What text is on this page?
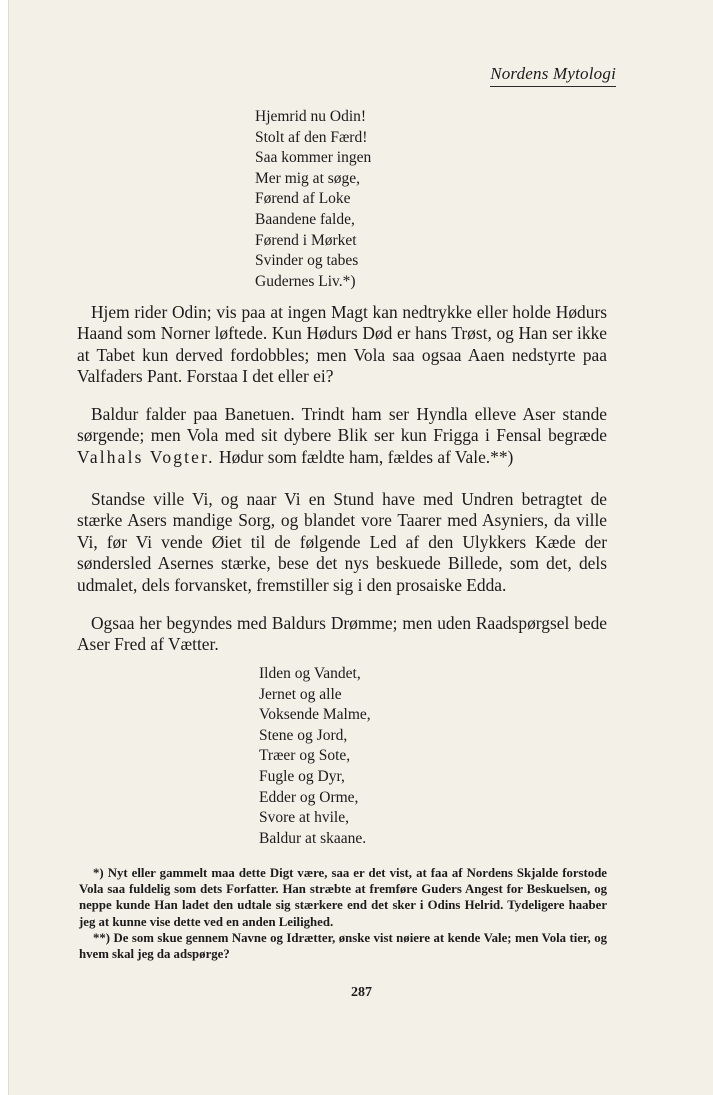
Nordens Mytologi
Hjemrid nu Odin!
Stolt af den Færd!
Saa kommer ingen
Mer mig at søge,
Førend af Loke
Baandene falde,
Førend i Mørket
Svinder og tabes
Gudernes Liv.*)

Hjem rider Odin; vis paa at ingen Magt kan nedtrykke eller holde Hødurs Haand som Norner løftede. Kun Hødurs Død er hans Trøst, og Han ser ikke at Tabet kun derved fordobbles; men Vola saa ogsaa Aaen nedstyrte paa Valfaders Pant. Forstaa I det eller ei?

Baldur falder paa Banetuen. Trindt ham ser Hyndla elleve Aser stande sørgende; men Vola med sit dybere Blik ser kun Frigga i Fensal begræde Valhals Vogter. Hødur som fældte ham, fældes af Vale.**)

Standse ville Vi, og naar Vi en Stund have med Undren betragtet de stærke Asers mandige Sorg, og blandet vore Taarer med Asyniers, da ville Vi, før Vi vende Øiet til de følgende Led af den Ulykkers Kæde der søndersled Asernes stærke, bese det nys beskuede Billede, som det, dels udmalet, dels forvansket, fremstiller sig i den prosaiske Edda.

Ogsaa her begyndes med Baldurs Drømme; men uden Raadspørgsel bede Aser Fred af Vætter.

Ilden og Vandet,
Jernet og alle
Voksende Malme,
Stene og Jord,
Træer og Sote,
Fugle og Dyr,
Edder og Orme,
Svore at hvile,
Baldur at skaane.

*) Nyt eller gammelt maa dette Digt være, saa er det vist, at faa af Nordens Skjalde forstode Vola saa fuldelig som dets Forfatter. Han stræbte at fremføre Guders Angest for Beskuelsen, og neppe kunde Han ladet den udtale sig stærkere end det sker i Odins Helrid. Tydeligere haaber jeg at kunne vise dette ved en anden Leilighed.

**) De som skue gennem Navne og Idrætter, ønske vist nøiere at kende Vale; men Vola tier, og hvem skal jeg da adspørge?

287
